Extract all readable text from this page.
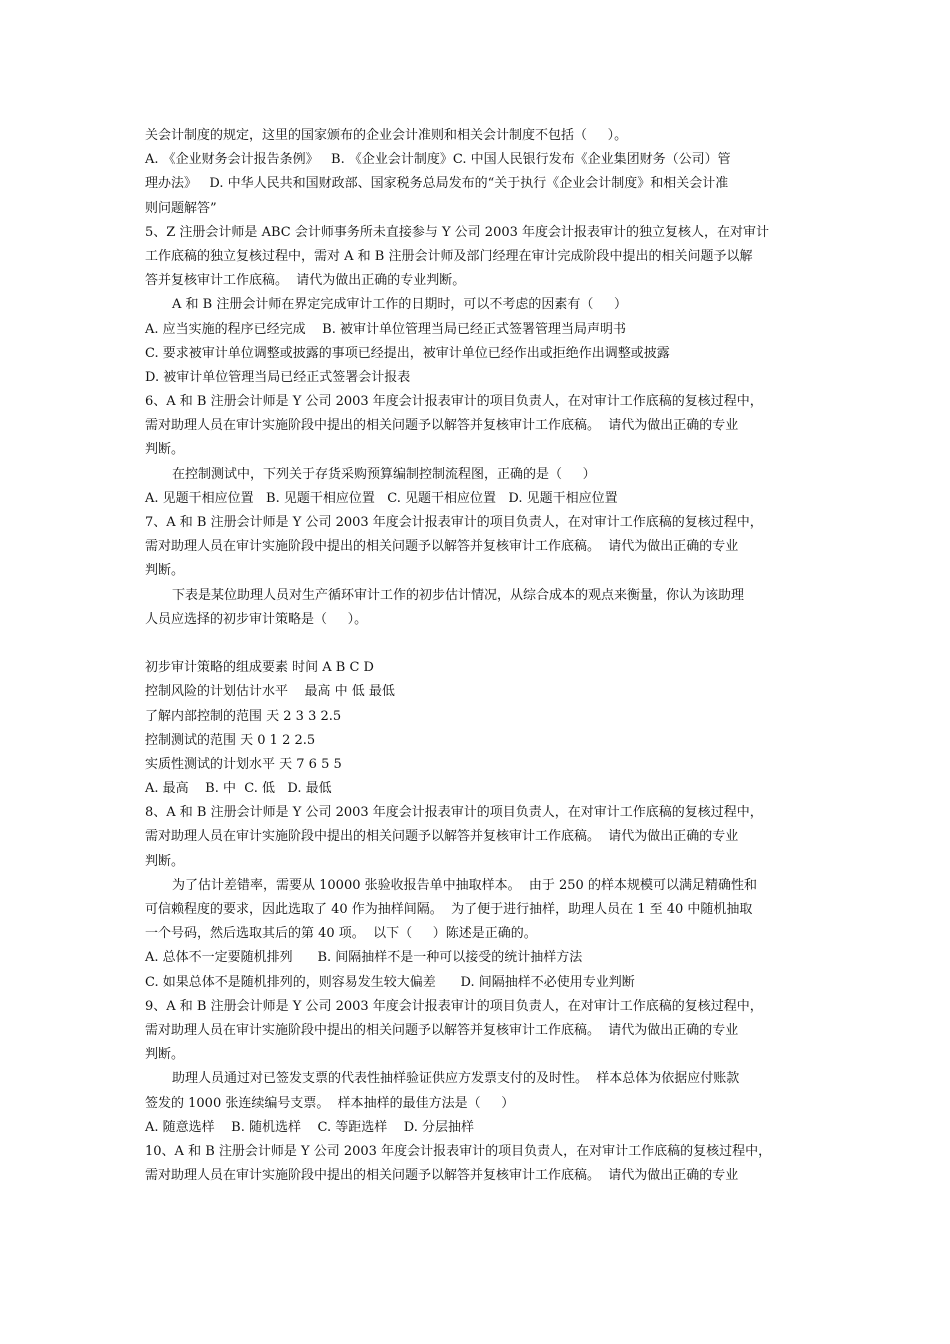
关会计制度的规定，这里的国家颁布的企业会计准则和相关会计制度不包括（     ）。
A. 《企业财务会计报告条例》   B. 《企业会计制度》C. 中国人民银行发布《企业集团财务（公司）管
理办法》   D. 中华人民共和国财政部、国家税务总局发布的“关于执行《企业会计制度》和相关会计准
则问题解答”
5、Z 注册会计师是 ABC 会计师事务所未直接参与 Y 公司 2003 年度会计报表审计的独立复核人，在对审计
工作底稿的独立复核过程中，需对 A 和 B 注册会计师及部门经理在审计完成阶段中提出的相关问题予以解
答并复核审计工作底稿。  请代为做出正确的专业判断。
A 和 B 注册会计师在界定完成审计工作的日期时，可以不考虑的因素有（     ）
A. 应当实施的程序已经完成    B. 被审计单位管理当局已经正式签署管理当局声明书
C. 要求被审计单位调整或披露的事项已经提出，被审计单位已经作出或拒绝作出调整或披露
D. 被审计单位管理当局已经正式签署会计报表
6、A 和 B 注册会计师是 Y 公司 2003 年度会计报表审计的项目负责人，在对审计工作底稿的复核过程中，
需对助理人员在审计实施阶段中提出的相关问题予以解答并复核审计工作底稿。  请代为做出正确的专业
判断。
在控制测试中，下列关于存货采购预算编制控制流程图，正确的是（     ）
A. 见题干相应位置   B. 见题干相应位置   C. 见题干相应位置   D. 见题干相应位置
7、A 和 B 注册会计师是 Y 公司 2003 年度会计报表审计的项目负责人，在对审计工作底稿的复核过程中，
需对助理人员在审计实施阶段中提出的相关问题予以解答并复核审计工作底稿。  请代为做出正确的专业
判断。
下表是某位助理人员对生产循环审计工作的初步估计情况，从综合成本的观点来衡量，你认为该助理
人员应选择的初步审计策略是（     ）。
初步审计策略的组成要素 时间 A B C D
控制风险的计划估计水平    最高 中 低 最低
了解内部控制的范围 天 2 3 3 2.5
控制测试的范围 天 0 1 2 2.5
实质性测试的计划水平 天 7 6 5 5
A. 最高    B. 中  C. 低   D. 最低
8、A 和 B 注册会计师是 Y 公司 2003 年度会计报表审计的项目负责人，在对审计工作底稿的复核过程中，
需对助理人员在审计实施阶段中提出的相关问题予以解答并复核审计工作底稿。  请代为做出正确的专业
判断。
为了估计差错率，需要从 10000 张验收报告单中抽取样本。  由于 250 的样本规模可以满足精确性和
可信赖程度的要求，因此选取了 40 作为抽样间隔。  为了便于进行抽样，助理人员在 1 至 40 中随机抽取
一个号码，然后选取其后的第 40 项。  以下（     ）陈述是正确的。
A. 总体不一定要随机排列      B. 间隔抽样不是一种可以接受的统计抽样方法
C. 如果总体不是随机排列的，则容易发生较大偏差      D. 间隔抽样不必使用专业判断
9、A 和 B 注册会计师是 Y 公司 2003 年度会计报表审计的项目负责人，在对审计工作底稿的复核过程中，
需对助理人员在审计实施阶段中提出的相关问题予以解答并复核审计工作底稿。  请代为做出正确的专业
判断。
助理人员通过对已签发支票的代表性抽样验证供应方发票支付的及时性。  样本总体为依据应付账款
签发的 1000 张连续编号支票。  样本抽样的最佳方法是（     ）
A. 随意选样    B. 随机选样    C. 等距选样    D. 分层抽样
10、A 和 B 注册会计师是 Y 公司 2003 年度会计报表审计的项目负责人，在对审计工作底稿的复核过程中，
需对助理人员在审计实施阶段中提出的相关问题予以解答并复核审计工作底稿。  请代为做出正确的专业
